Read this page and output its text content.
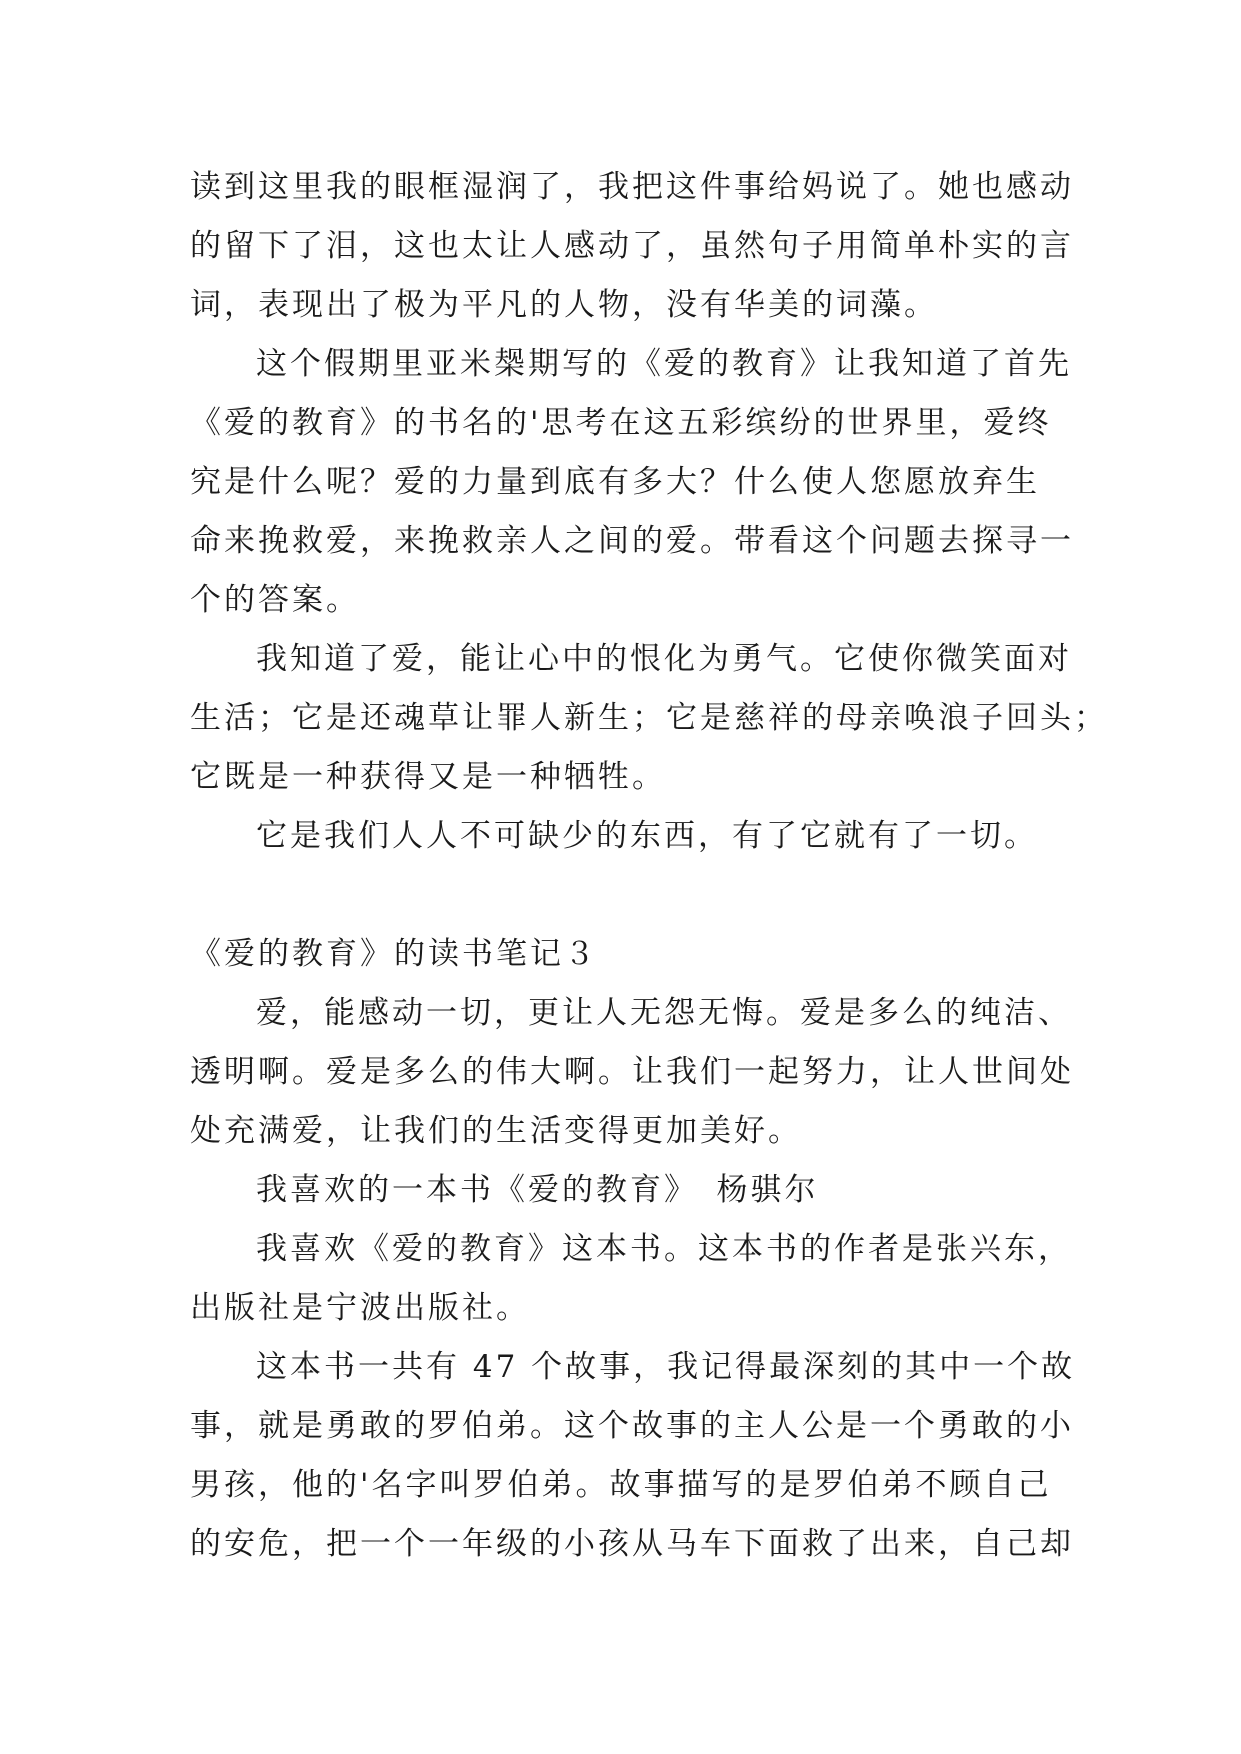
读到这里我的眼框湿润了，我把这件事给妈说了。她也感动
的留下了泪，这也太让人感动了，虽然句子用简单朴实的言
词，表现出了极为平凡的人物，没有华美的词藻。
这个假期里亚米椝期写的《爱的教育》让我知道了首先
《爱的教育》的书名的'思考在这五彩缤纷的世界里，爱终
究是什么呢？爱的力量到底有多大？什么使人您愿放弃生
命来挽救爱，来挽救亲人之间的爱。带看这个问题去探寻一
个的答案。
我知道了爱，能让心中的恨化为勇气。它使你微笑面对
生活；它是还魂草让罪人新生；它是慈祥的母亲唤浪子回头；
它既是一种获得又是一种牺牲。
它是我们人人不可缺少的东西，有了它就有了一切。
《爱的教育》的读书笔记３
爱，能感动一切，更让人无怨无悔。爱是多么的纯洁、
透明啊。爱是多么的伟大啊。让我们一起努力，让人世间处
处充满爱，让我们的生活变得更加美好。
我喜欢的一本书《爱的教育》　杨骐尔
我喜欢《爱的教育》这本书。这本书的作者是张兴东，
出版社是宁波出版社。
这本书一共有 47 个故事，我记得最深刻的其中一个故
事，就是勇敢的罗伯弟。这个故事的主人公是一个勇敢的小
男孩，他的'名字叫罗伯弟。故事描写的是罗伯弟不顾自己
的安危，把一个一年级的小孩从马车下面救了出来，自己却
